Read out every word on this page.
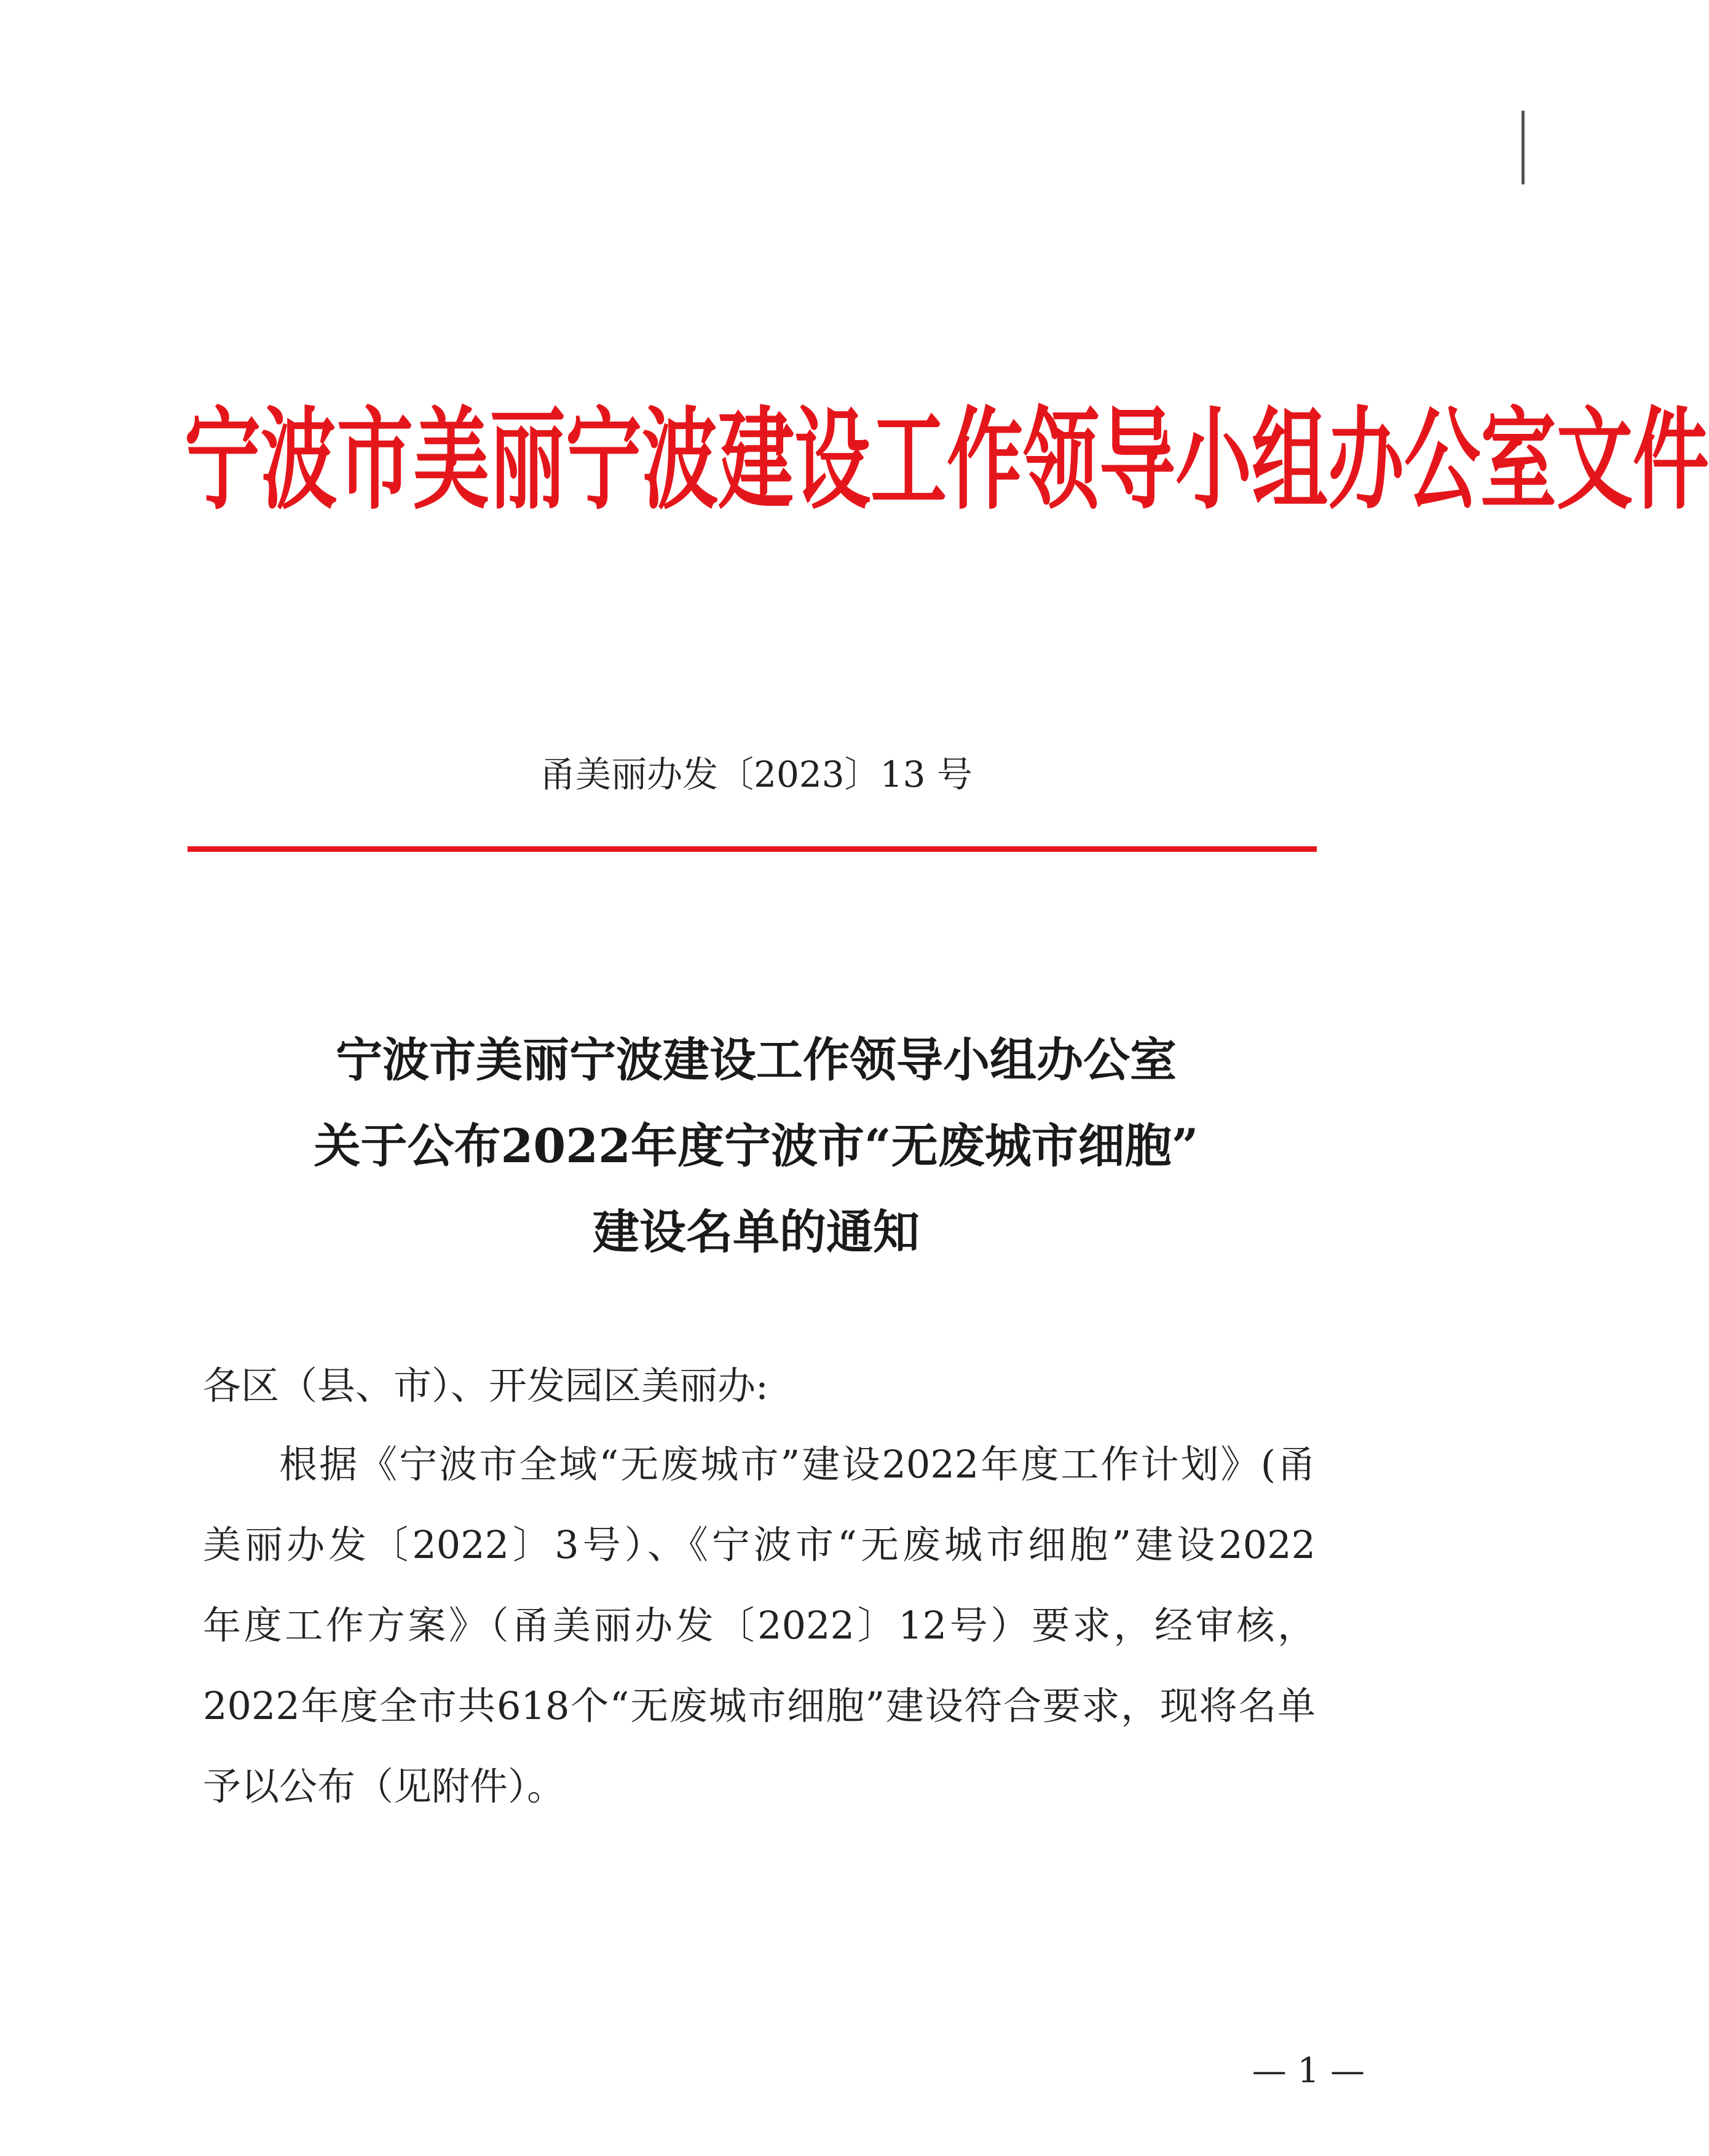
宁波市美丽宁波建设工作领导小组办公室文件
甬美丽办发〔2023〕13 号
宁波市美丽宁波建设工作领导小组办公室
关于公布2022年度宁波市“无废城市细胞”
建设名单的通知
各区（县、市）、开发园区美丽办:
根据《宁波市全域“无废城市”建设2022年度工作计划》(甬
美丽办发〔2022〕3号）、《宁波市“无废城市细胞”建设2022
年度工作方案》（甬美丽办发〔2022〕12号）要求，经审核，
2022年度全市共618个“无废城市细胞”建设符合要求，现将名单
予以公布（见附件）。
— 1 —
